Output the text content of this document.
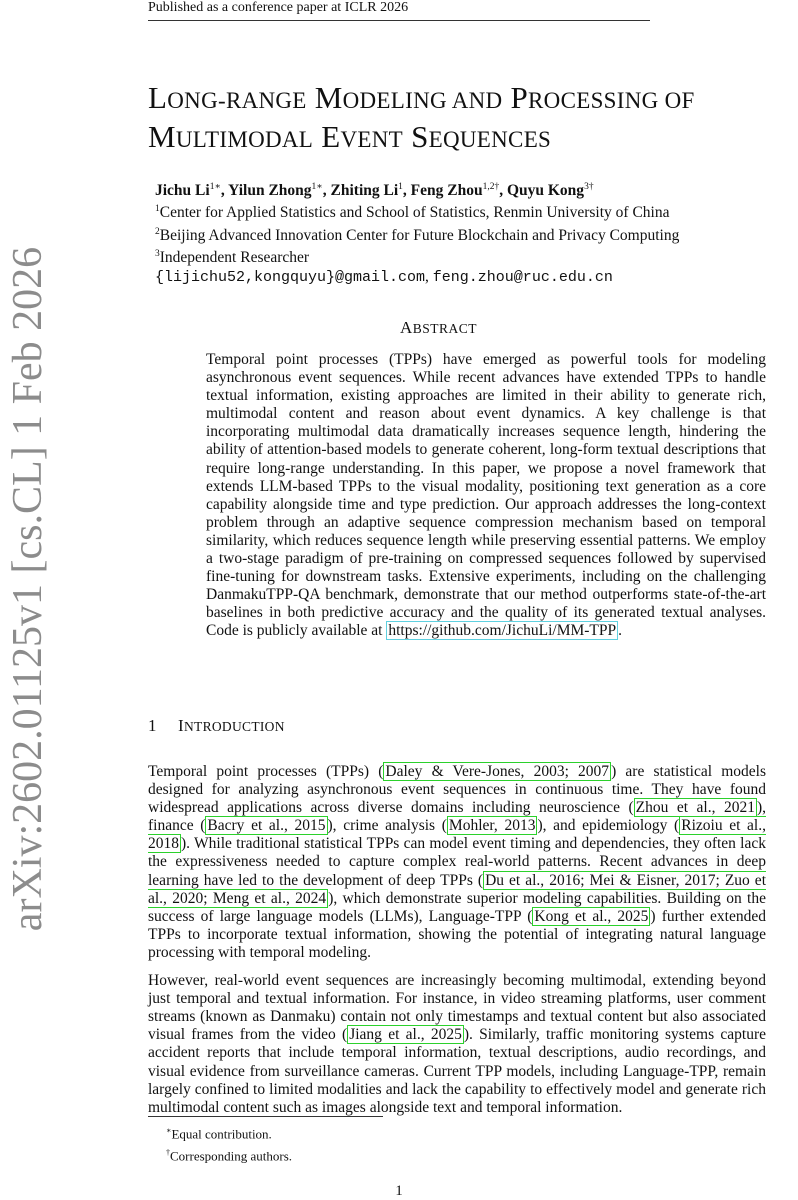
Published as a conference paper at ICLR 2026
arXiv:2602.01125v1 [cs.CL] 1 Feb 2026
LONG-RANGE MODELING AND PROCESSING OF
MULTIMODAL EVENT SEQUENCES
Jichu $Li^{1∗}$, Yilun Zhong$^{1∗}$, Zhiting Li$^1$, Feng Zhou$^{1,2\dagger}$, Quyu Kong$^{3\dagger}$
$^1$Center for Applied Statistics and School of Statistics, Renmin University of China
$^2$Beijing Advanced Innovation Center for Future Blockchain and Privacy Computing
$^3$Independent Researcher
{lijichu52,kongquyu}@gmail.com, feng.zhou@ruc.edu.cn
ABSTRACT
Temporal point processes (TPPs) have emerged as powerful tools for modeling asynchronous event sequences. While recent advances have extended TPPs to handle textual information, existing approaches are limited in their ability to generate rich, multimodal content and reason about event dynamics. A key challenge is that incorporating multimodal data dramatically increases sequence length, hindering the ability of attention-based models to generate coherent, long-form textual descriptions that require long-range understanding. In this paper, we propose a novel framework that extends LLM-based TPPs to the visual modality, positioning text generation as a core capability alongside time and type prediction. Our approach addresses the long-context problem through an adaptive sequence compression mechanism based on temporal similarity, which reduces sequence length while preserving essential patterns. We employ a two-stage paradigm of pre-training on compressed sequences followed by supervised fine-tuning for downstream tasks. Extensive experiments, including on the challenging DanmakuTPP-QA benchmark, demonstrate that our method outperforms state-of-the-art baselines in both predictive accuracy and the quality of its generated textual analyses. Code is publicly available at https://github.com/JichuLi/MM-TPP .
1 INTRODUCTION

Temporal point processes (TPPs) ( Daley & Vere-Jones, 2003; 2007 ) are statistical models designed for analyzing asynchronous event sequences in continuous time. They have found widespread applications across diverse domains including neuroscience ( Zhou et al., 2021 ), finance ( Bacry et al., 2015 ), crime analysis ( Mohler, 2013 ), and epidemiology ( Rizoiu et al., 2018 ). While traditional statistical TPPs can model event timing and dependencies, they often lack the expressiveness needed to capture complex real-world patterns. Recent advances in deep learning have led to the development of deep TPPs ( Du et al., 2016; Mei & Eisner, 2017; Zuo et al., 2020; Meng et al., 2024 ), which demonstrate superior modeling capabilities. Building on the success of large language models (LLMs), Language-TPP ( Kong et al., 2025 ) further extended TPPs to incorporate textual information, showing the potential of integrating natural language processing with temporal modeling.

However, real-world event sequences are increasingly becoming multimodal, extending beyond just temporal and textual information. For instance, in video streaming platforms, user comment streams (known as Danmaku) contain not only timestamps and textual content but also associated visual frames from the video ( Jiang et al., 2025 ). Similarly, traffic monitoring systems capture accident reports that include temporal information, textual descriptions, audio recordings, and visual evidence from surveillance cameras. Current TPP models, including Language-TPP, remain largely confined to limited modalities and lack the capability to effectively model and generate rich multimodal content such as images alongside text and temporal information.

∗Equal contribution.
†Corresponding authors.
1
